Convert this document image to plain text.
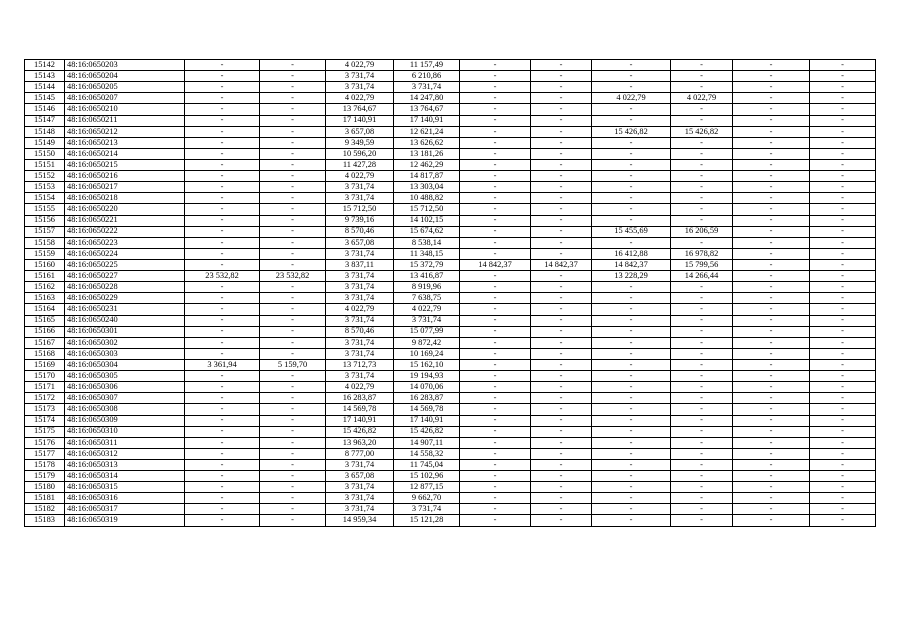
15142	48:16:0650203	-	-	4 022,79	11 157,49	-	-	-	-	-	-
15143	48:16:0650204	-	-	3 731,74	6 210,86	-	-	-	-	-	-
15144	48:16:0650205	-	-	3 731,74	3 731,74	-	-	-	-	-	-
15145	48:16:0650207	-	-	4 022,79	14 247,80	-	-	4 022,79	4 022,79	-	-
15146	48:16:0650210	-	-	13 764,67	13 764,67	-	-	-	-	-	-
15147	48:16:0650211	-	-	17 140,91	17 140,91	-	-	-	-	-	-
15148	48:16:0650212	-	-	3 657,08	12 621,24	-	-	15 426,82	15 426,82	-	-
15149	48:16:0650213	-	-	9 349,59	13 626,62	-	-	-	-	-	-
15150	48:16:0650214	-	-	10 596,20	13 181,26	-	-	-	-	-	-
15151	48:16:0650215	-	-	11 427,28	12 462,29	-	-	-	-	-	-
15152	48:16:0650216	-	-	4 022,79	14 817,87	-	-	-	-	-	-
15153	48:16:0650217	-	-	3 731,74	13 303,04	-	-	-	-	-	-
15154	48:16:0650218	-	-	3 731,74	10 488,82	-	-	-	-	-	-
15155	48:16:0650220	-	-	15 712,50	15 712,50	-	-	-	-	-	-
15156	48:16:0650221	-	-	9 739,16	14 102,15	-	-	-	-	-	-
15157	48:16:0650222	-	-	8 570,46	15 674,62	-	-	15 455,69	16 206,59	-	-
15158	48:16:0650223	-	-	3 657,08	8 538,14	-	-	-	-	-	-
15159	48:16:0650224	-	-	3 731,74	11 348,15	-	-	16 412,88	16 978,82	-	-
15160	48:16:0650225	-	-	3 837,11	15 372,79	14 842,37	14 842,37	14 842,37	15 799,56	-	-
15161	48:16:0650227	23 532,82	23 532,82	3 731,74	13 416,87	-	-	13 228,29	14 266,44	-	-
15162	48:16:0650228	-	-	3 731,74	8 919,96	-	-	-	-	-	-
15163	48:16:0650229	-	-	3 731,74	7 638,75	-	-	-	-	-	-
15164	48:16:0650231	-	-	4 022,79	4 022,79	-	-	-	-	-	-
15165	48:16:0650240	-	-	3 731,74	3 731,74	-	-	-	-	-	-
15166	48:16:0650301	-	-	8 570,46	15 077,99	-	-	-	-	-	-
15167	48:16:0650302	-	-	3 731,74	9 872,42	-	-	-	-	-	-
15168	48:16:0650303	-	-	3 731,74	10 169,24	-	-	-	-	-	-
15169	48:16:0650304	3 361,94	5 159,70	13 712,73	15 162,10	-	-	-	-	-	-
15170	48:16:0650305	-	-	3 731,74	19 194,93	-	-	-	-	-	-
15171	48:16:0650306	-	-	4 022,79	14 070,06	-	-	-	-	-	-
15172	48:16:0650307	-	-	16 283,87	16 283,87	-	-	-	-	-	-
15173	48:16:0650308	-	-	14 569,78	14 569,78	-	-	-	-	-	-
15174	48:16:0650309	-	-	17 140,91	17 140,91	-	-	-	-	-	-
15175	48:16:0650310	-	-	15 426,82	15 426,82	-	-	-	-	-	-
15176	48:16:0650311	-	-	13 963,20	14 907,11	-	-	-	-	-	-
15177	48:16:0650312	-	-	8 777,00	14 558,32	-	-	-	-	-	-
15178	48:16:0650313	-	-	3 731,74	11 745,04	-	-	-	-	-	-
15179	48:16:0650314	-	-	3 657,08	15 102,96	-	-	-	-	-	-
15180	48:16:0650315	-	-	3 731,74	12 877,15	-	-	-	-	-	-
15181	48:16:0650316	-	-	3 731,74	9 662,70	-	-	-	-	-	-
15182	48:16:0650317	-	-	3 731,74	3 731,74	-	-	-	-	-	-
15183	48:16:0650319	-	-	14 959,34	15 121,28	-	-	-	-	-	-
